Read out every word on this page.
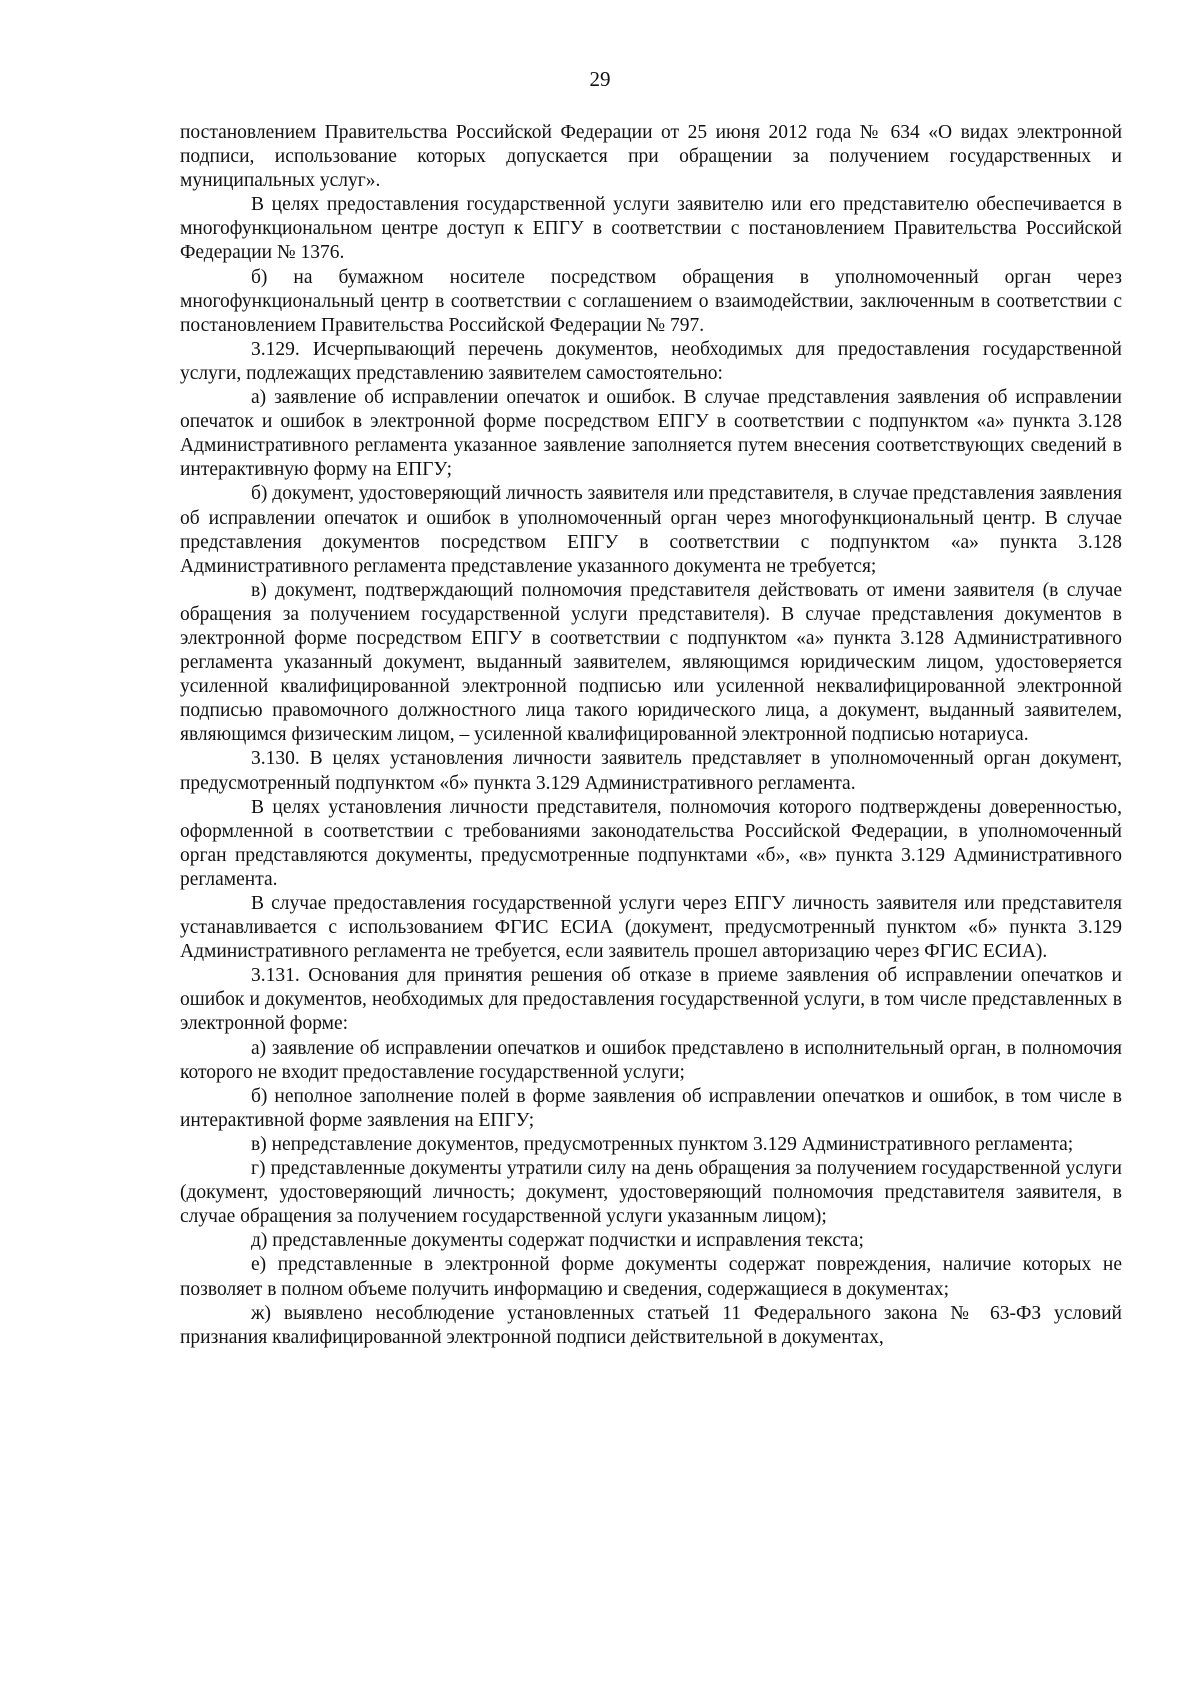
29

постановлением Правительства Российской Федерации от 25 июня 2012 года № 634 «О видах электронной подписи, использование которых допускается при обращении за получением государственных и муниципальных услуг».

В целях предоставления государственной услуги заявителю или его представителю обеспечивается в многофункциональном центре доступ к ЕПГУ в соответствии с постановлением Правительства Российской Федерации № 1376.

б) на бумажном носителе посредством обращения в уполномоченный орган через многофункциональный центр в соответствии с соглашением о взаимодействии, заключенным в соответствии с постановлением Правительства Российской Федерации № 797.

3.129. Исчерпывающий перечень документов, необходимых для предоставления государственной услуги, подлежащих представлению заявителем самостоятельно:

а) заявление об исправлении опечаток и ошибок. В случае представления заявления об исправлении опечаток и ошибок в электронной форме посредством ЕПГУ в соответствии с подпунктом «а» пункта 3.128 Административного регламента указанное заявление заполняется путем внесения соответствующих сведений в интерактивную форму на ЕПГУ;

б) документ, удостоверяющий личность заявителя или представителя, в случае представления заявления об исправлении опечаток и ошибок в уполномоченный орган через многофункциональный центр. В случае представления документов посредством ЕПГУ в соответствии с подпунктом «а» пункта 3.128 Административного регламента представление указанного документа не требуется;

в) документ, подтверждающий полномочия представителя действовать от имени заявителя (в случае обращения за получением государственной услуги представителя). В случае представления документов в электронной форме посредством ЕПГУ в соответствии с подпунктом «а» пункта 3.128 Административного регламента указанный документ, выданный заявителем, являющимся юридическим лицом, удостоверяется усиленной квалифицированной электронной подписью или усиленной неквалифицированной электронной подписью правомочного должностного лица такого юридического лица, а документ, выданный заявителем, являющимся физическим лицом, – усиленной квалифицированной электронной подписью нотариуса.

3.130. В целях установления личности заявитель представляет в уполномоченный орган документ, предусмотренный подпунктом «б» пункта 3.129 Административного регламента.

В целях установления личности представителя, полномочия которого подтверждены доверенностью, оформленной в соответствии с требованиями законодательства Российской Федерации, в уполномоченный орган представляются документы, предусмотренные подпунктами «б», «в» пункта 3.129 Административного регламента.

В случае предоставления государственной услуги через ЕПГУ личность заявителя или представителя устанавливается с использованием ФГИС ЕСИА (документ, предусмотренный пунктом «б» пункта 3.129 Административного регламента не требуется, если заявитель прошел авторизацию через ФГИС ЕСИА).

3.131. Основания для принятия решения об отказе в приеме заявления об исправлении опечатков и ошибок и документов, необходимых для предоставления государственной услуги, в том числе представленных в электронной форме:

а) заявление об исправлении опечатков и ошибок представлено в исполнительный орган, в полномочия которого не входит предоставление государственной услуги;

б) неполное заполнение полей в форме заявления об исправлении опечатков и ошибок, в том числе в интерактивной форме заявления на ЕПГУ;

в) непредставление документов, предусмотренных пунктом 3.129 Административного регламента;

г) представленные документы утратили силу на день обращения за получением государственной услуги (документ, удостоверяющий личность; документ, удостоверяющий полномочия представителя заявителя, в случае обращения за получением государственной услуги указанным лицом);

д) представленные документы содержат подчистки и исправления текста;

е) представленные в электронной форме документы содержат повреждения, наличие которых не позволяет в полном объеме получить информацию и сведения, содержащиеся в документах;

ж) выявлено несоблюдение установленных статьей 11 Федерального закона № 63-ФЗ условий признания квалифицированной электронной подписи действительной в документах,
